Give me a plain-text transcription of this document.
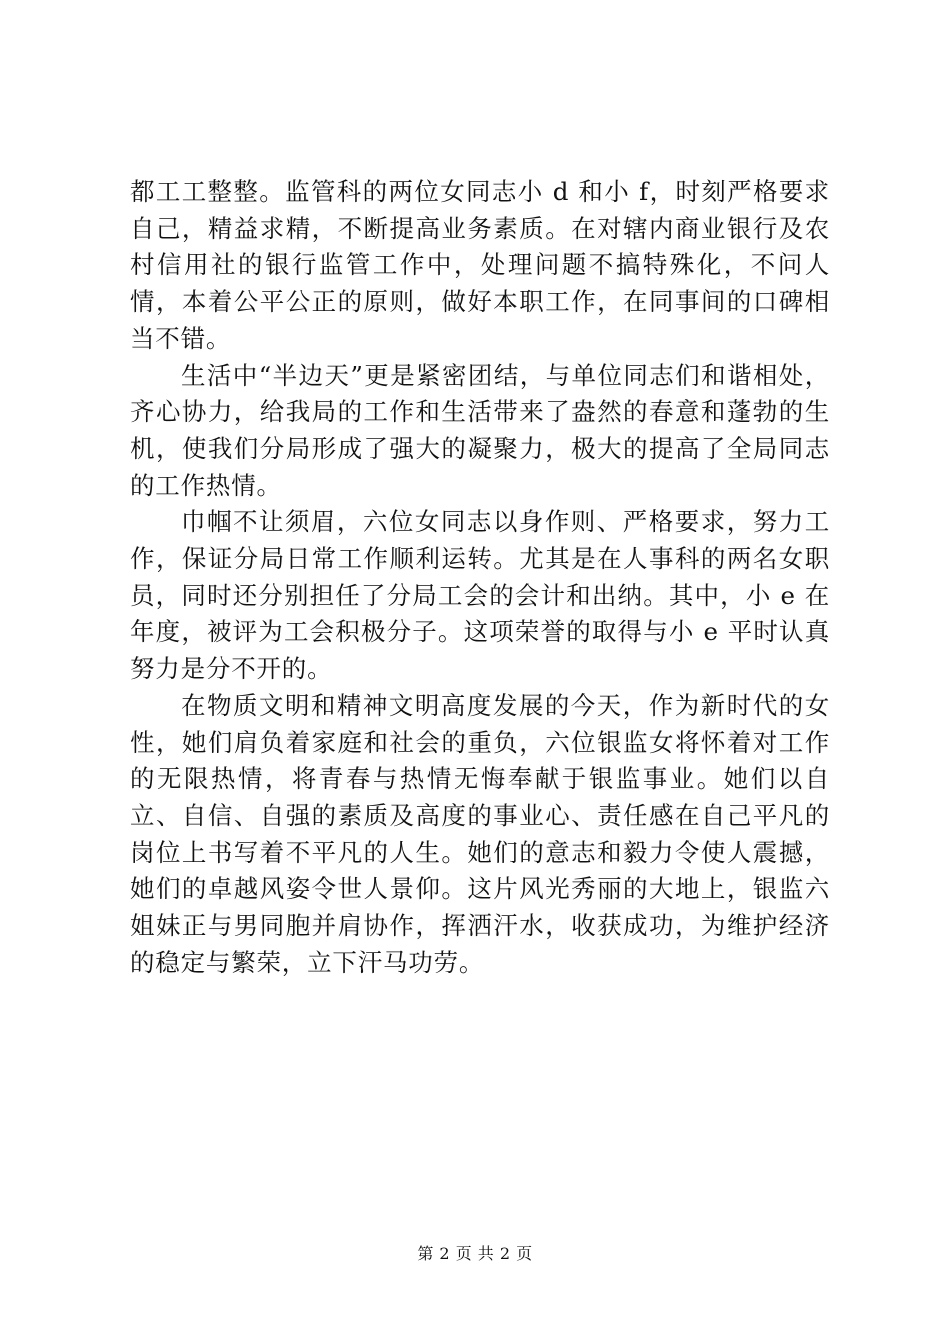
都工工整整。监管科的两位女同志小 d 和小 f，时刻严格要求自己，精益求精，不断提高业务素质。在对辖内商业银行及农村信用社的银行监管工作中，处理问题不搞特殊化，不问人情，本着公平公正的原则，做好本职工作，在同事间的口碑相当不错。

生活中“半边天”更是紧密团结，与单位同志们和谐相处，齐心协力，给我局的工作和生活带来了盎然的春意和蓬勃的生机，使我们分局形成了强大的凝聚力，极大的提高了全局同志的工作热情。

巾帼不让须眉，六位女同志以身作则、严格要求，努力工作，保证分局日常工作顺利运转。尤其是在人事科的两名女职员，同时还分别担任了分局工会的会计和出纳。其中，小 e 在年度，被评为工会积极分子。这项荣誉的取得与小 e 平时认真努力是分不开的。

在物质文明和精神文明高度发展的今天，作为新时代的女性，她们肩负着家庭和社会的重负，六位银监女将怀着对工作的无限热情，将青春与热情无悔奉献于银监事业。她们以自立、自信、自强的素质及高度的事业心、责任感在自己平凡的岗位上书写着不平凡的人生。她们的意志和毅力令使人震撼，她们的卓越风姿令世人景仰。这片风光秀丽的大地上，银监六姐妹正与男同胞并肩协作，挥洒汗水，收获成功，为维护经济的稳定与繁荣，立下汗马功劳。

第 2 页 共 2 页
